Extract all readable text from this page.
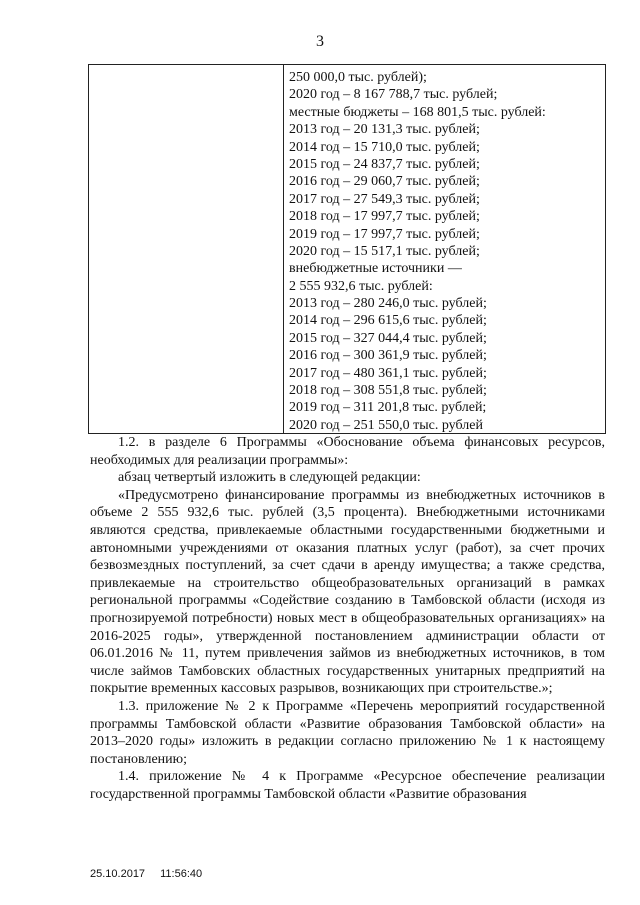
3
250 000,0 тыс. рублей);
2020 год – 8 167 788,7 тыс. рублей;
местные бюджеты – 168 801,5 тыс. рублей:
2013 год – 20 131,3 тыс. рублей;
2014 год – 15 710,0 тыс. рублей;
2015 год – 24 837,7 тыс. рублей;
2016 год – 29 060,7 тыс. рублей;
2017 год – 27 549,3 тыс. рублей;
2018 год – 17 997,7 тыс. рублей;
2019 год – 17 997,7 тыс. рублей;
2020 год – 15 517,1 тыс. рублей;
внебюджетные источники —
2 555 932,6 тыс. рублей:
2013 год – 280 246,0 тыс. рублей;
2014 год – 296 615,6 тыс. рублей;
2015 год – 327 044,4 тыс. рублей;
2016 год – 300 361,9 тыс. рублей;
2017 год – 480 361,1 тыс. рублей;
2018 год – 308 551,8 тыс. рублей;
2019 год – 311 201,8 тыс. рублей;
2020 год – 251 550,0 тыс. рублей

1.2. в разделе 6 Программы «Обоснование объема финансовых ресурсов, необходимых для реализации программы»:

абзац четвертый изложить в следующей редакции:

«Предусмотрено финансирование программы из внебюджетных источников в объеме 2 555 932,6 тыс. рублей (3,5 процента). Внебюджетными источниками являются средства, привлекаемые областными государственными бюджетными и автономными учреждениями от оказания платных услуг (работ), за счет прочих безвозмездных поступлений, за счет сдачи в аренду имущества; а также средства, привлекаемые на строительство общеобразовательных организаций в рамках региональной программы «Содействие созданию в Тамбовской области (исходя из прогнозируемой потребности) новых мест в общеобразовательных организациях» на 2016-2025 годы», утвержденной постановлением администрации области от 06.01.2016 № 11, путем привлечения займов из внебюджетных источников, в том числе займов Тамбовских областных государственных унитарных предприятий на покрытие временных кассовых разрывов, возникающих при строительстве.»;

1.3. приложение № 2 к Программе «Перечень мероприятий государственной программы Тамбовской области «Развитие образования Тамбовской области» на 2013–2020 годы» изложить в редакции согласно приложению № 1 к настоящему постановлению;

1.4. приложение № 4 к Программе «Ресурсное обеспечение реализации государственной программы Тамбовской области «Развитие образования

25.10.2017 11:56:40
